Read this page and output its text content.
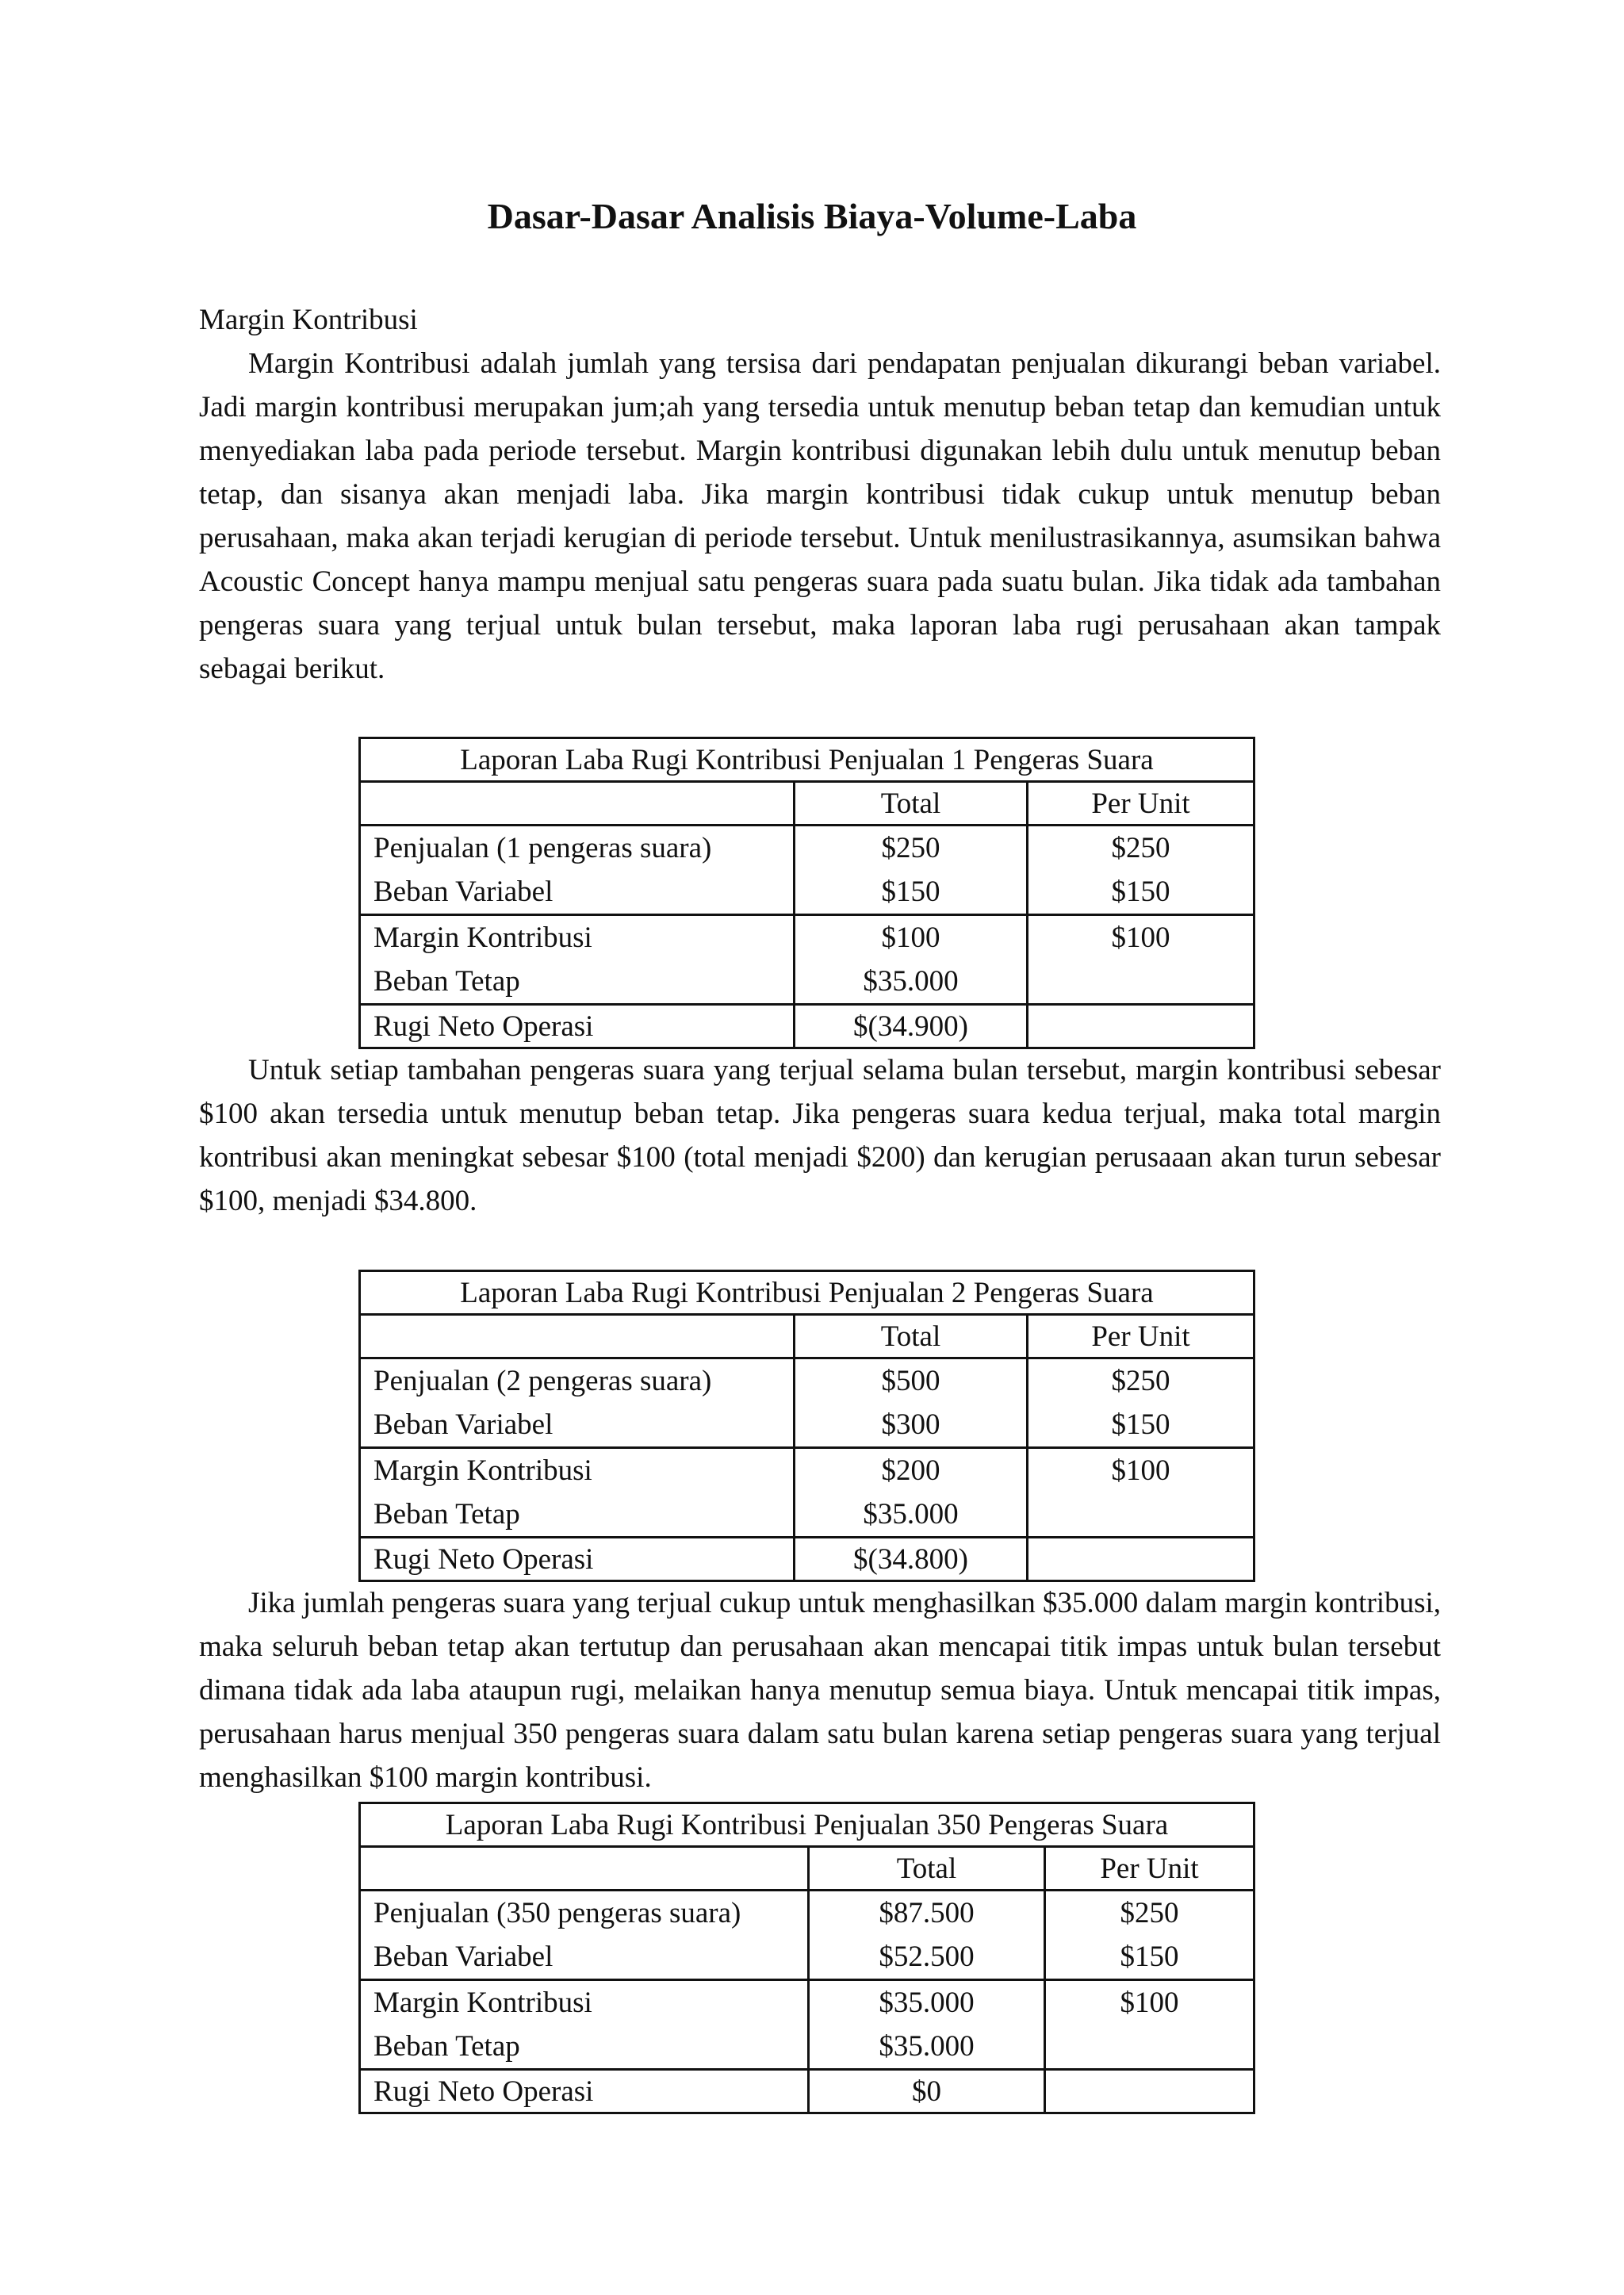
Dasar-Dasar Analisis Biaya-Volume-Laba

Margin Kontribusi

Margin Kontribusi adalah jumlah yang tersisa dari pendapatan penjualan dikurangi beban variabel. Jadi margin kontribusi merupakan jum;ah yang tersedia untuk menutup beban tetap dan kemudian untuk menyediakan laba pada periode tersebut. Margin kontribusi digunakan lebih dulu untuk menutup beban tetap, dan sisanya akan menjadi laba. Jika margin kontribusi tidak cukup untuk menutup beban perusahaan, maka akan terjadi kerugian di periode tersebut. Untuk menilustrasikannya, asumsikan bahwa Acoustic Concept hanya mampu menjual satu pengeras suara pada suatu bulan. Jika tidak ada tambahan pengeras suara yang terjual untuk bulan tersebut, maka laporan laba rugi perusahaan akan tampak sebagai berikut.

Laporan Laba Rugi Kontribusi Penjualan 1 Pengeras Suara		
	Total	Per Unit
Penjualan (1 pengeras suara)	$250	$250
Beban Variabel	$150	$150
Margin Kontribusi	$100	$100
Beban Tetap	$35.000	
Rugi Neto Operasi	$(34.900)	

Untuk setiap tambahan pengeras suara yang terjual selama bulan tersebut, margin kontribusi sebesar $100 akan tersedia untuk menutup beban tetap. Jika pengeras suara kedua terjual, maka total margin kontribusi akan meningkat sebesar $100 (total menjadi $200) dan kerugian perusaaan akan turun sebesar $100, menjadi $34.800.

Laporan Laba Rugi Kontribusi Penjualan 2 Pengeras Suara		
	Total	Per Unit
Penjualan (2 pengeras suara)	$500	$250
Beban Variabel	$300	$150
Margin Kontribusi	$200	$100
Beban Tetap	$35.000	
Rugi Neto Operasi	$(34.800)	

Jika jumlah pengeras suara yang terjual cukup untuk menghasilkan $35.000 dalam margin kontribusi, maka seluruh beban tetap akan tertutup dan perusahaan akan mencapai titik impas untuk bulan tersebut dimana tidak ada laba ataupun rugi, melaikan hanya menutup semua biaya. Untuk mencapai titik impas, perusahaan harus menjual 350 pengeras suara dalam satu bulan karena setiap pengeras suara yang terjual menghasilkan $100 margin kontribusi.

Laporan Laba Rugi Kontribusi Penjualan 350 Pengeras Suara		
	Total	Per Unit
Penjualan (350 pengeras suara)	$87.500	$250
Beban Variabel	$52.500	$150
Margin Kontribusi	$35.000	$100
Beban Tetap	$35.000	
Rugi Neto Operasi	$0	
